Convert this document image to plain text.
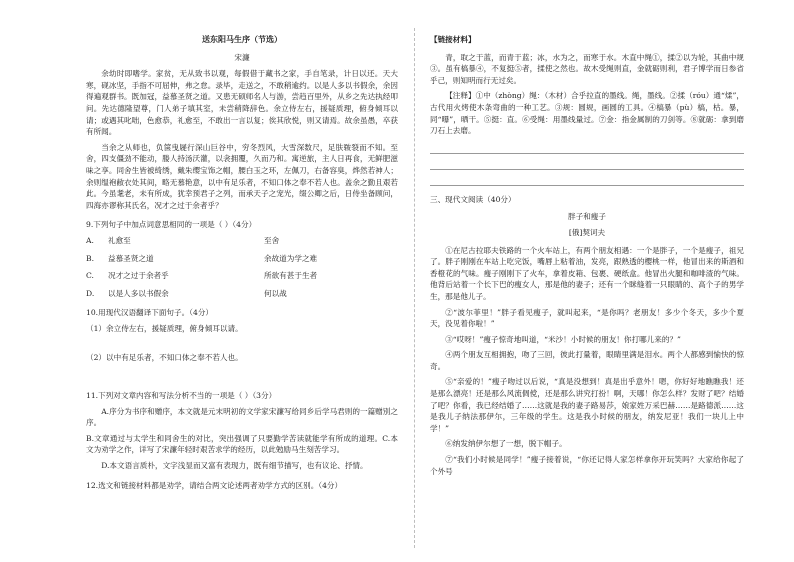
送东阳马生序（节选）
宋濂

余幼时即嗜学。家贫，无从致书以观，每假借于藏书之家，手自笔录，计日以还。天大寒，砚冰坚，手指不可屈伸，弗之怠。录毕，走送之，不敢稍逾约。以是人多以书假余，余因得遍观群书。既加冠，益慕圣贤之道。又患无硕师名人与游，尝趋百里外，从乡之先达执经叩问。先达德隆望尊，门人弟子填其室，未尝稍降辞色。余立侍左右，援疑质理，俯身倾耳以请；或遇其叱咄，色愈恭，礼愈至，不敢出一言以复；俟其欣悦，则又请焉。故余虽愚，卒获有所闻。

当余之从师也，负箧曳屣行深山巨谷中，穷冬烈风，大雪深数尺，足肤皲裂而不知。至舍，四支僵劲不能动，媵人持汤沃灌，以衾拥覆，久而乃和。寓逆旅，主人日再食，无鲜肥滋味之享。同舍生皆被绮绣，戴朱缨宝饰之帽，腰白玉之环，左佩刀，右备容臭，烨然若神人；余则缊袍敝衣处其间，略无慕艳意，以中有足乐者，不知口体之奉不若人也。盖余之勤且艰若此。今虽耄老，未有所成，犹幸预君子之列，而承天子之宠光，缀公卿之后，日侍坐备顾问，四海亦谬称其氏名，况才之过于余者乎？

9.下列句子中加点词意思相同的一项是（ ）（4分）
A.	礼愈至	至舍
B.	益慕圣贤之道	余故道为学之难
C.	况才之过于余者乎	所欲有甚于生者
D.	以是人多以书假余	何以战
10.用现代汉语翻译下面句子。（4分）
（1）余立侍左右，援疑质理，俯身倾耳以请。
（2）以中有足乐者，不知口体之奉不若人也。
11.下列对文章内容和写法分析不当的一项是（ ）（3分）

A.序分为书序和赠序，本文就是元末明初的文学家宋濂写给同乡后学马君则的一篇赠別之序。

B.文章通过与太学生和同舍生的对比，突出强调了只要勤学苦读就能学有所成的道理。C.本文为劝学之作，详写了宋濂年轻时艰苦求学的经历，以此勉励马生刻苦学习。

D.本文语言质朴，文字浅显而又富有表现力，既有细节描写，也有议论、抒情。

12.选文和链接材料都是劝学，请结合两文论述两者劝学方式的区别。（4分）
【链接材料】

青，取之于蓝，而青于蓝；冰，水为之，而寒于水。木直中绳①，揉②以为轮，其曲中规③。虽有槁暴④，不复挺⑤者，揉使之然也。故木受绳则直，金就砺则利，君子博学而日参省乎己，则知明而行无过矣。

【注释】①中（zhòng）绳：（木材）合乎拉直的墨线。绳，墨线。②揉（róu）通“煣”，古代用火烤使木条弯曲的一种工艺。③规：圆规，画圆的工具。④槁暴（pù）槁，枯。暴，同“曝”，晒干。⑤挺：直。⑥受绳：用墨线量过。⑦金：指金属制的刀剑等。⑧就砺：拿到磨刀石上去磨。

三、现代文阅读（40分）
胖子和瘦子
[俄]契诃夫

①在尼古拉耶夫铁路的一个火车站上，有两个朋友相遇：一个是胖子，一个是瘦子，祖兄了。胖子刚刚在车站上吃完饭，嘴唇上粘着油，发亮，跟熟透的樱桃一样，他冒出来的斯酒和香橙花的气味。瘦子刚刚下了火车，拿着皮箱、包裹、硬纸盒。他冒出火腿和咖啡渣的气味。他背后站着一个长下巴的瘦女人，那是他的妻子；还有一个眯缝着一只眼睛的、高个子的男学生，那是他儿子。

②“波尔菲里！”胖子看见瘦子，就叫起来，“是你吗？老朋友！多少个冬天，多少个夏天，没见着你啦！”

③“哎呀！”瘦子惊奇地叫道，“米沙！小时候的朋友！你打哪儿来的？”

④两个朋友互相拥抱，吻了三回，彼此打量着，眼睛里满是泪水。两个人都感到愉快的惊奇。

⑤“亲爱的！”瘦子吻过以后说，“真是没想到！真是出乎意外！嗯，你好好地瞧瞧我！还是那么漂亮！还是那么风流倜傥，还是那么讲究打扮！啊，天哪！你怎么样？发财了吧？结婚了吧？你看，我已经结婚了……这就是我的妻子路易莎，娘家姓万采巴赫……是路德派……这是我儿子纳法那伊尔，三年级的学生。这是我小时候的朋友，纳发尼亚！我们一块儿上中学！”

⑥纳发纳伊尔想了一想，脱下帽子。

⑦“我们小时候是同学！”瘦子接着说，“你还记得人家怎样拿你开玩笑吗？大家给你起了个外号
